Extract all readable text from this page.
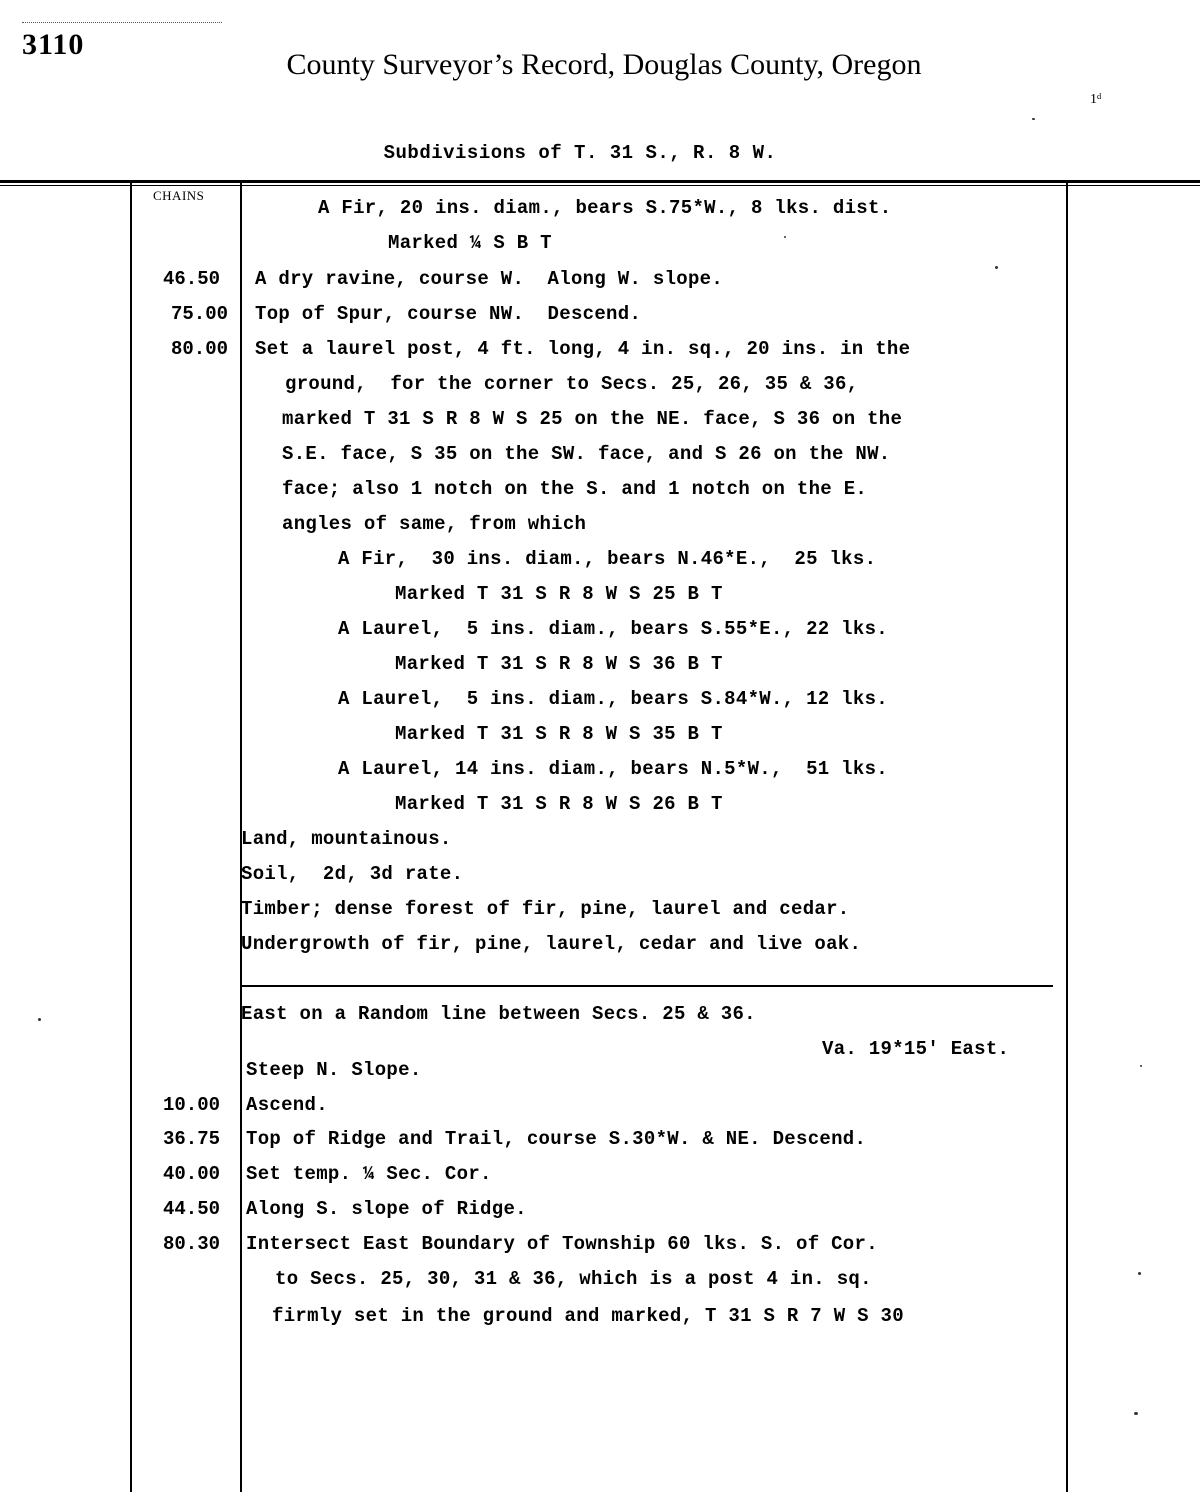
3110
County Surveyor’s Record, Douglas County, Oregon
1ᵈ
Subdivisions of T. 31 S., R. 8 W.
CHAINS
46.50
75.00
80.00
10.00
36.75
40.00
44.50
80.30
A Fir, 20 ins. diam., bears S.75*W., 8 lks. dist.
Marked ¼ S B T
A dry ravine, course W.  Along W. slope.
Top of Spur, course NW.  Descend.
Set a laurel post, 4 ft. long, 4 in. sq., 20 ins. in the
ground,  for the corner to Secs. 25, 26, 35 & 36,
marked T 31 S R 8 W S 25 on the NE. face, S 36 on the
S.E. face, S 35 on the SW. face, and S 26 on the NW.
face; also 1 notch on the S. and 1 notch on the E.
angles of same, from which
A Fir,  30 ins. diam., bears N.46*E.,  25 lks.
Marked T 31 S R 8 W S 25 B T
A Laurel,  5 ins. diam., bears S.55*E., 22 lks.
Marked T 31 S R 8 W S 36 B T
A Laurel,  5 ins. diam., bears S.84*W., 12 lks.
Marked T 31 S R 8 W S 35 B T
A Laurel, 14 ins. diam., bears N.5*W.,  51 lks.
Marked T 31 S R 8 W S 26 B T
Land, mountainous.
Soil,  2d, 3d rate.
Timber; dense forest of fir, pine, laurel and cedar.
Undergrowth of fir, pine, laurel, cedar and live oak.
East on a Random line between Secs. 25 & 36.
Va. 19*15' East.
Steep N. Slope.
Ascend.
Top of Ridge and Trail, course S.30*W. & NE. Descend.
Set temp. ¼ Sec. Cor.
Along S. slope of Ridge.
Intersect East Boundary of Township 60 lks. S. of Cor.
to Secs. 25, 30, 31 & 36, which is a post 4 in. sq.
firmly set in the ground and marked, T 31 S R 7 W S 30
